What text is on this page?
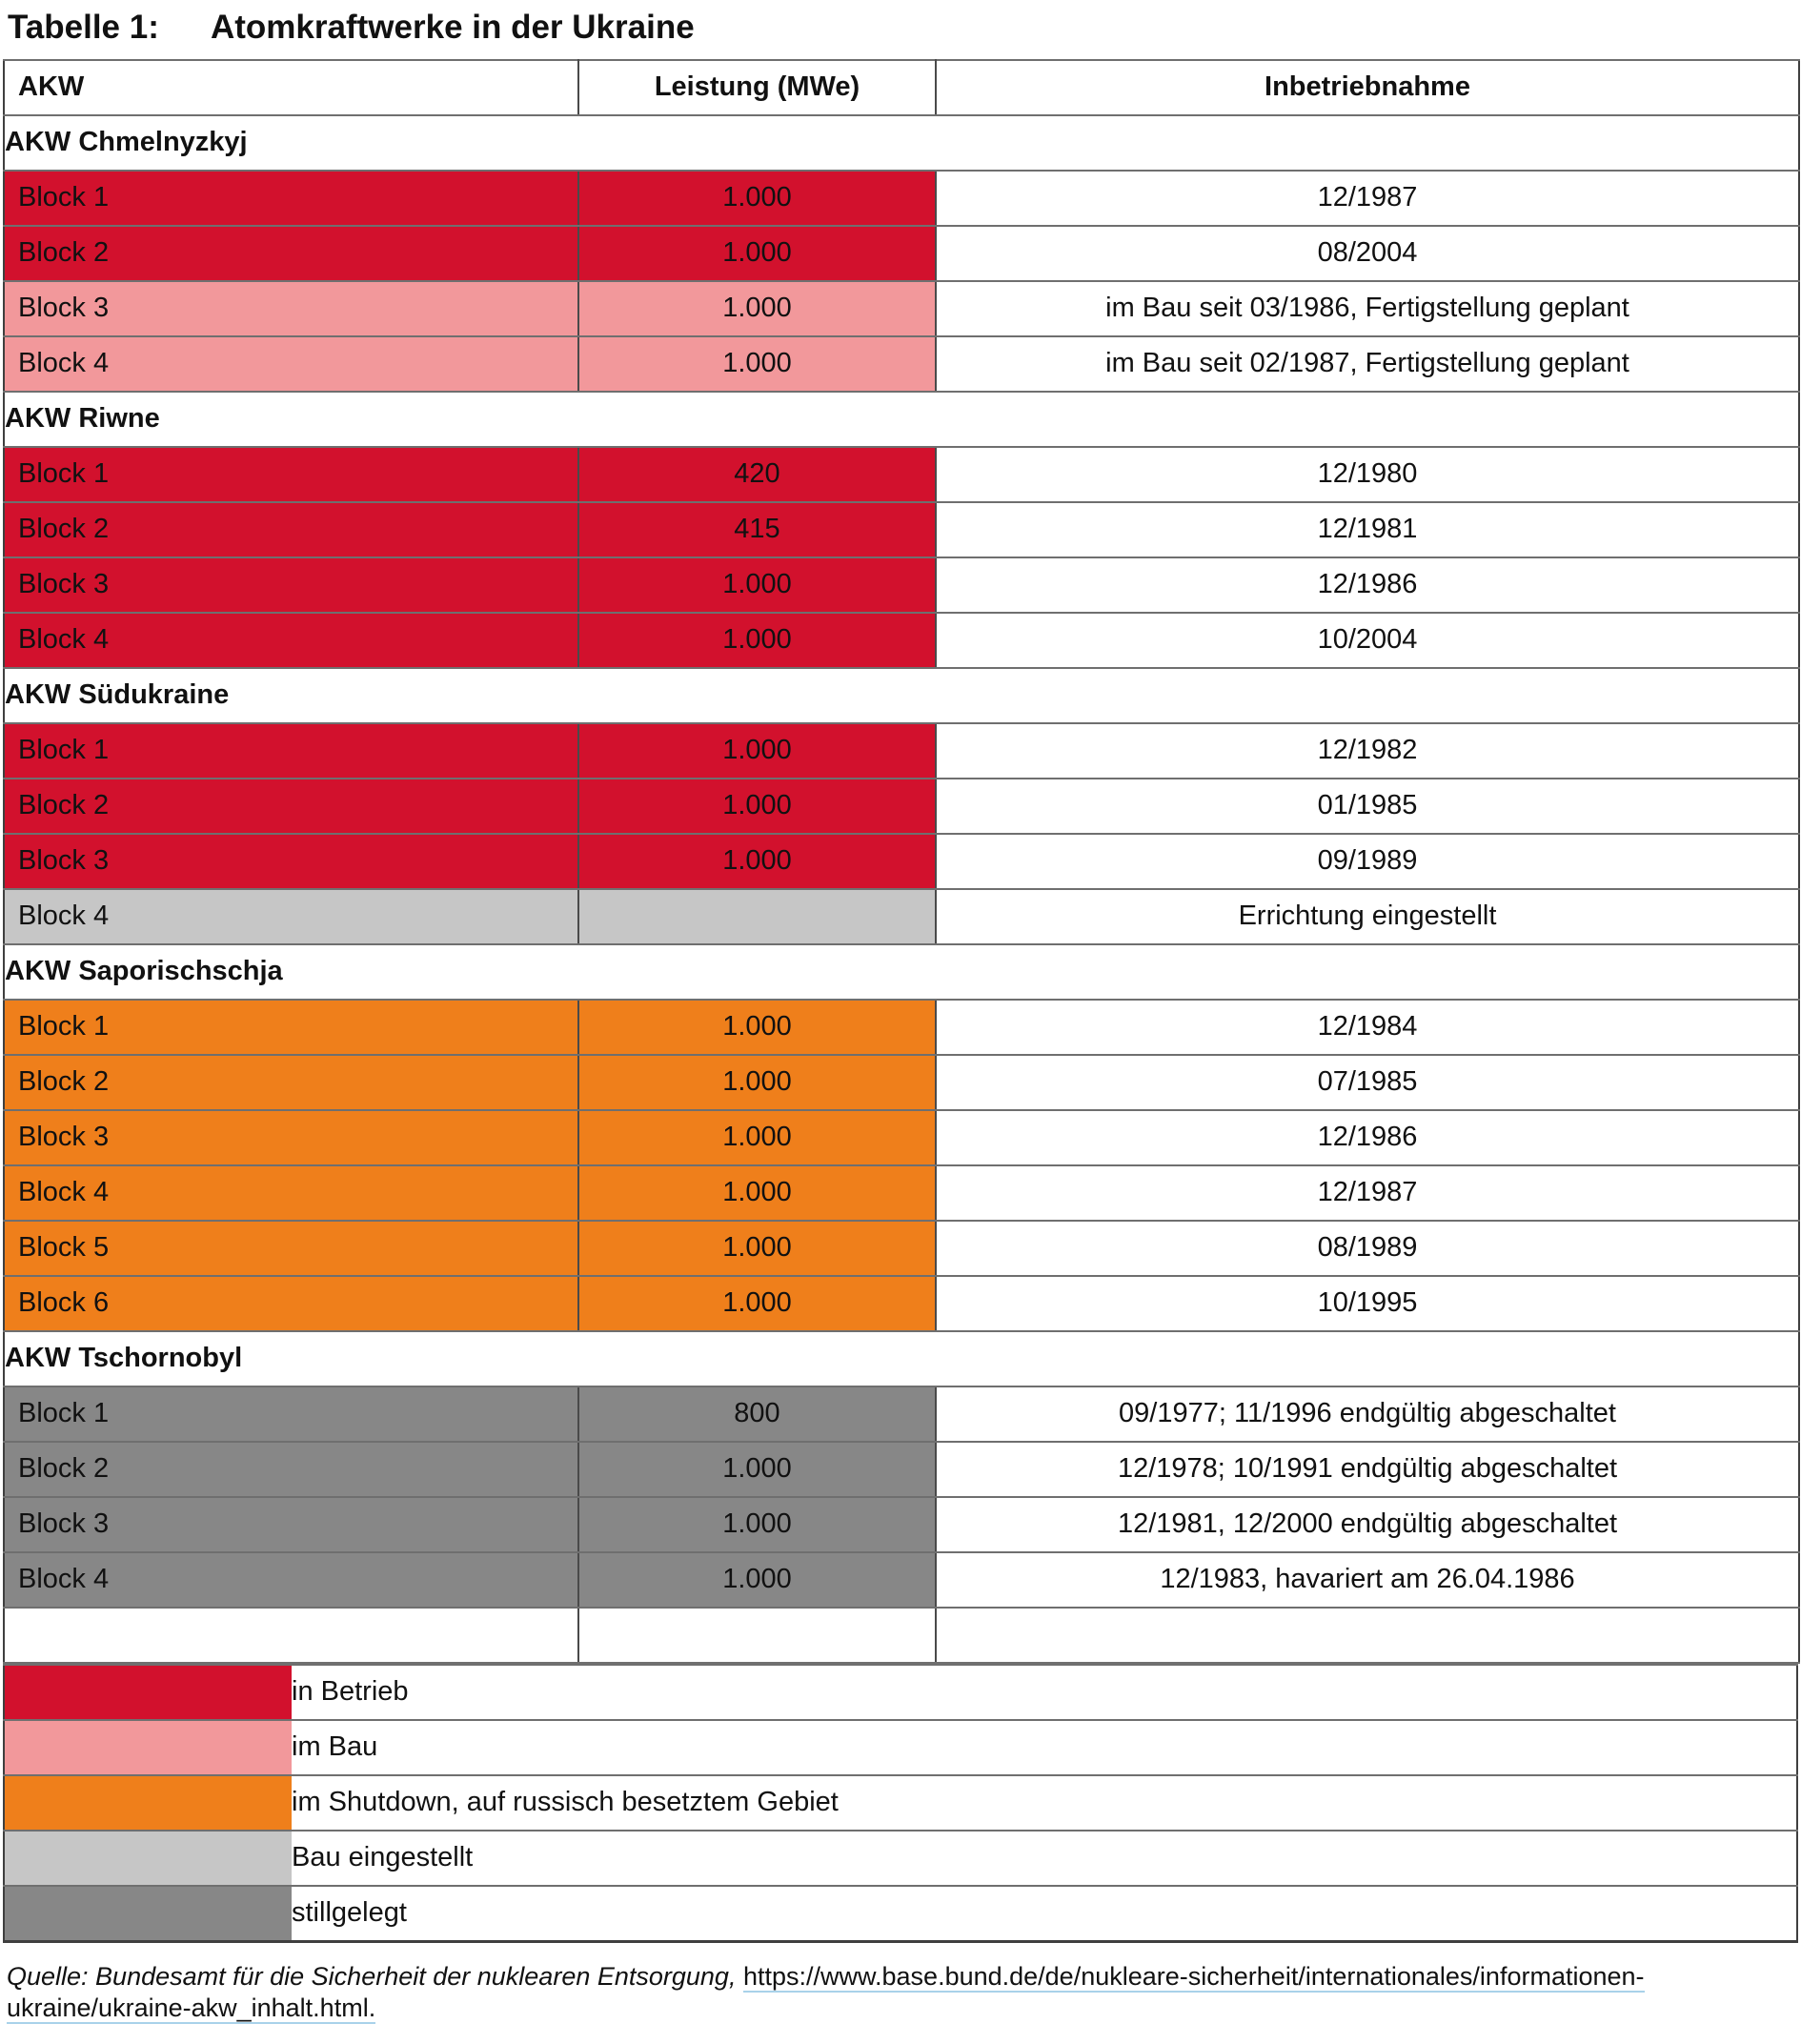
Tabelle 1:	Atomkraftwerke in der Ukraine
AKW	Leistung (MWe)	Inbetriebnahme
AKW Chmelnyzkyj		
Block 1	1.000	12/1987
Block 2	1.000	08/2004
Block 3	1.000	im Bau seit 03/1986, Fertigstellung geplant
Block 4	1.000	im Bau seit 02/1987, Fertigstellung geplant
AKW Riwne		
Block 1	420	12/1980
Block 2	415	12/1981
Block 3	1.000	12/1986
Block 4	1.000	10/2004
AKW Südukraine		
Block 1	1.000	12/1982
Block 2	1.000	01/1985
Block 3	1.000	09/1989
Block 4		Errichtung eingestellt
AKW Saporischschja		
Block 1	1.000	12/1984
Block 2	1.000	07/1985
Block 3	1.000	12/1986
Block 4	1.000	12/1987
Block 5	1.000	08/1989
Block 6	1.000	10/1995
AKW Tschornobyl		
Block 1	800	09/1977; 11/1996 endgültig abgeschaltet
Block 2	1.000	12/1978; 10/1991 endgültig abgeschaltet
Block 3	1.000	12/1981, 12/2000 endgültig abgeschaltet
Block 4	1.000	12/1983, havariert am 26.04.1986

	in Betrieb
	im Bau
	im Shutdown, auf russisch besetztem Gebiet
	Bau eingestellt
	stillgelegt

Quelle: Bundesamt für die Sicherheit der nuklearen Entsorgung, https://www.base.bund.de/de/nukleare-sicherheit/internationales/informationen-ukraine/ukraine-akw_inhalt.html.
